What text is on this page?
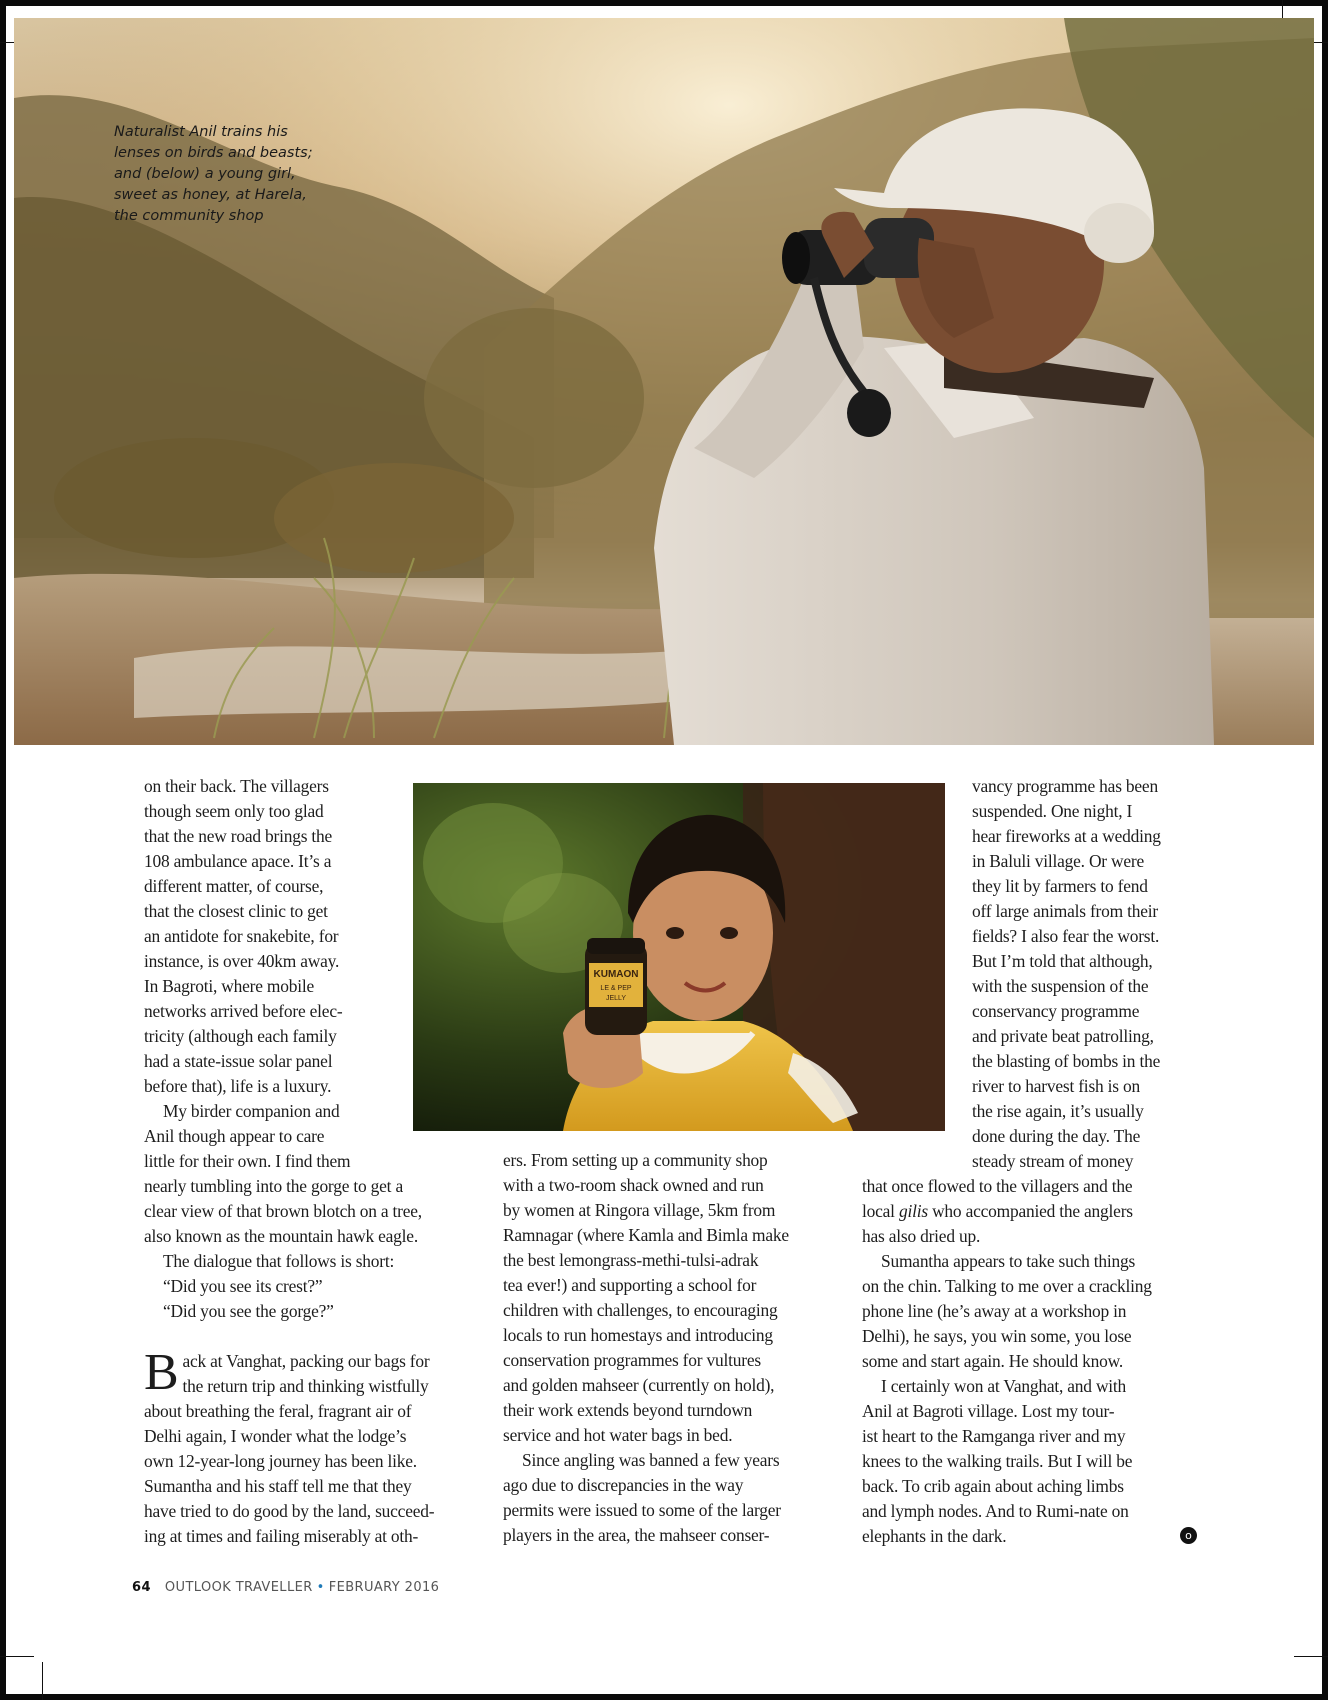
Naturalist Anil trains his
lenses on birds and beasts;
and (below) a young girl,
sweet as honey, at Harela,
the community shop
KUMAON
LE & PEP
JELLY

on their back. The villagers
though seem only too glad
that the new road brings the
108 ambulance apace. It’s a
different matter, of course,
that the closest clinic to get
an antidote for snakebite, for
instance, is over 40km away.
In Bagroti, where mobile
networks arrived before elec-
tricity (although each family
had a state-issue solar panel
before that), life is a luxury.

My birder companion and
Anil though appear to care
little for their own. I find them
nearly tumbling into the gorge to get a
clear view of that brown blotch on a tree,
also known as the mountain hawk eagle.

The dialogue that follows is short:

“Did you see its crest?”

“Did you see the gorge?”

B ack at Vanghat, packing our bags for
the return trip and thinking wistfully
about breathing the feral, fragrant air of
Delhi again, I wonder what the lodge’s
own 12-year-long journey has been like.
Sumantha and his staff tell me that they
have tried to do good by the land, succeed-
ing at times and failing miserably at oth-

ers. From setting up a community shop
with a two-room shack owned and run
by women at Ringora village, 5km from
Ramnagar (where Kamla and Bimla make
the best lemongrass-methi-tulsi-adrak
tea ever!) and supporting a school for
children with challenges, to encouraging
locals to run homestays and introducing
conservation programmes for vultures
and golden mahseer (currently on hold),
their work extends beyond turndown
service and hot water bags in bed.

Since angling was banned a few years
ago due to discrepancies in the way
permits were issued to some of the larger
players in the area, the mahseer conser-

vancy programme has been
suspended. One night, I
hear fireworks at a wedding
in Baluli village. Or were
they lit by farmers to fend
off large animals from their
fields? I also fear the worst.
But I’m told that although,
with the suspension of the
conservancy programme
and private beat patrolling,
the blasting of bombs in the
river to harvest fish is on
the rise again, it’s usually
done during the day. The
steady stream of money

that once flowed to the villagers and the
local gilis who accompanied the anglers
has also dried up.

Sumantha appears to take such things
on the chin. Talking to me over a crackling
phone line (he’s away at a workshop in
Delhi), he says, you win some, you lose
some and start again. He should know.

I certainly won at Vanghat, and with
Anil at Bagroti village. Lost my tour-
ist heart to the Ramganga river and my
knees to the walking trails. But I will be
back. To crib again about aching limbs
and lymph nodes. And to Rumi-nate on
elephants in the dark.	o
64 OUTLOOK TRAVELLER • FEBRUARY 2016
